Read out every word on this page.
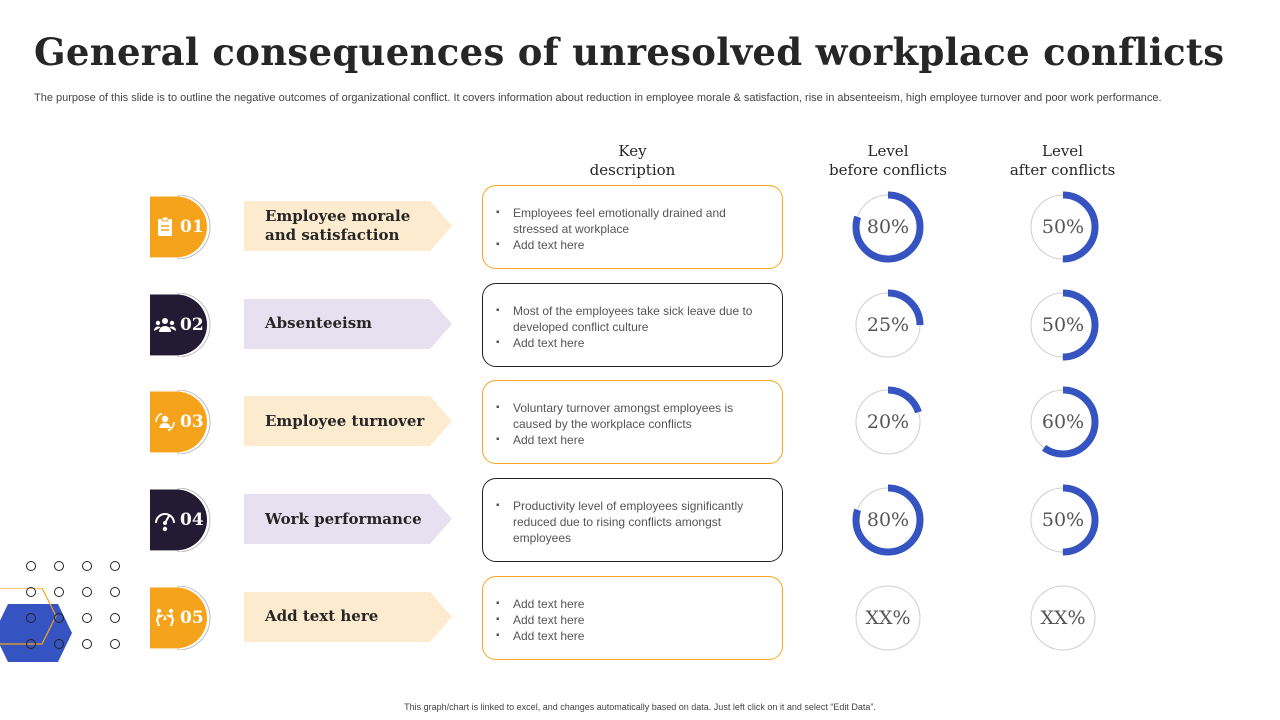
General consequences of unresolved workplace conflicts
The purpose of this slide is to outline the negative outcomes of organizational conflict. It covers information about reduction in employee morale & satisfaction, rise in absenteeism, high employee turnover and poor work performance.
Key
description
Level
before conflicts
Level
after conflicts
01
Employee morale and satisfaction
▪ Employees feel emotionally drained and stressed at workplace
▪ Add text here
80%	50%
02	Absenteeism
▪ Most of the employees take sick leave due to developed conflict culture
▪ Add text here
25%	50%
03	Employee turnover
▪ Voluntary turnover amongst employees is caused by the workplace conflicts
▪ Add text here
20%	60%
04	Work performance
▪ Productivity level of employees significantly reduced due to rising conflicts amongst employees
80%	50%
05	Add text here
▪ Add text here
▪ Add text here
▪ Add text here
XX%	XX%
This graph/chart is linked to excel, and changes automatically based on data. Just left click on it and select “Edit Data”.
